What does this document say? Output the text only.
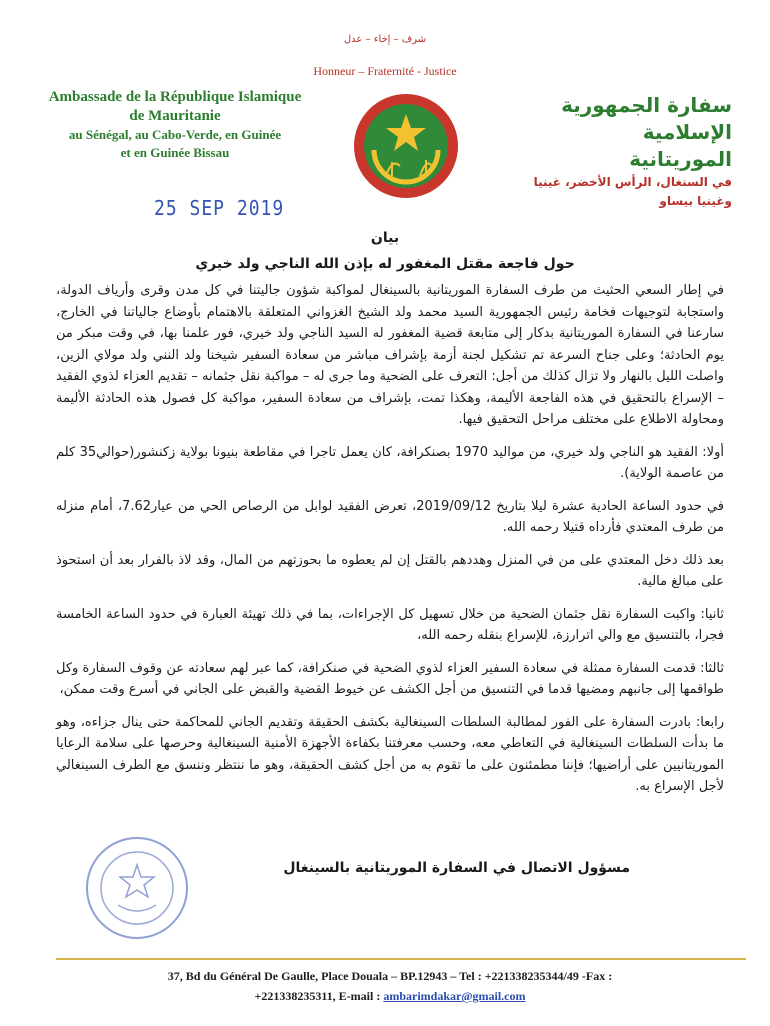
شرف – إخاء – عدل
Honneur – Fraternité - Justice
Ambassade de la République Islamique
de Mauritanie
au Sénégal, au Cabo-Verde, en Guinée
et en Guinée Bissau
سفارة الجمهورية الإسلامية
الموريتانية
في السنغال، الرأس الأخضر، غينيا
وغينيا بيساو
25 SEP 2019
بيان
حول فاجعة مقتل المغفور له بإذن الله الناجي ولد خيري

في إطار السعي الحثيث من طرف السفارة الموريتانية بالسينغال لمواكبة شؤون جاليتنا في كل مدن وقرى وأرياف الدولة، واستجابة لتوجيهات فخامة رئيس الجمهورية السيد محمد ولد الشيخ الغزواني المتعلقة بالاهتمام بأوضاع جالياتنا في الخارج، سارعنا في السفارة الموريتانية بدكار إلى متابعة قضية المغفور له السيد الناجي ولد خيري، فور علمنا بها، في وقت مبكر من يوم الحادثة؛ وعلى جناح السرعة تم تشكيل لجنة أزمة بإشراف مباشر من سعادة السفير شيخنا ولد النني ولد مولاي الزين، واصلت الليل بالنهار ولا تزال كذلك من أجل: التعرف على الضحية وما جرى له – مواكبة نقل جثمانه – تقديم العزاء لذوي الفقيد – الإسراع بالتحقيق في هذه الفاجعة الأليمة، وهكذا تمت، بإشراف من سعادة السفير، مواكبة كل فصول هذه الحادثة الأليمة ومحاولة الاطلاع على مختلف مراحل التحقيق فيها.

أولا: الفقيد هو الناجي ولد خيري، من مواليد 1970 بصنكرافة، كان يعمل تاجرا في مقاطعة بنيونا بولاية زكنشور(حوالي35 كلم من عاصمة الولاية).

في حدود الساعة الحادية عشرة ليلا بتاريخ 2019/09/12، تعرض الفقيد لوابل من الرصاص الحي من عيار7.62، أمام منزله من طرف المعتدي فأرداه قتيلا رحمه الله.

بعد ذلك دخل المعتدي على من في المنزل وهددهم بالقتل إن لم يعطوه ما بحوزتهم من المال، وقد لاذ بالفرار بعد أن استحوذ على مبالغ مالية.

ثانيا: واكبت السفارة نقل جثمان الضحية من خلال تسهيل كل الإجراءات، بما في ذلك تهيئة العبارة في حدود الساعة الخامسة فجرا، بالتنسيق مع والي اترارزة، للإسراع بنقله رحمه الله،

ثالثا: قدمت السفارة ممثلة في سعادة السفير العزاء لذوي الضحية في صنكرافة، كما عبر لهم سعادته عن وقوف السفارة وكل طواقمها إلى جانبهم ومضيها قدما في التنسيق من أجل الكشف عن خيوط القضية والقبض على الجاني في أسرع وقت ممكن،

رابعا: بادرت السفارة على الفور لمطالبة السلطات السينغالية بكشف الحقيقة وتقديم الجاني للمحاكمة حتى ينال جزاءه، وهو ما بدأت السلطات السينغالية في التعاطي معه، وحسب معرفتنا بكفاءة الأجهزة الأمنية السينغالية وحرصها على سلامة الرعايا الموريتانيين على أراضيها؛ فإننا مطمئنون على ما تقوم به من أجل كشف الحقيقة، وهو ما ننتظر وننسق مع الطرف السينغالي لأجل الإسراع به.

مسؤول الاتصال في السفارة الموريتانية بالسينغال
37, Bd du Général De Gaulle, Place Douala – BP.12943 – Tel : +221338235344/49 -Fax :
+221338235311, E-mail : ambarimdakar@gmail.com
